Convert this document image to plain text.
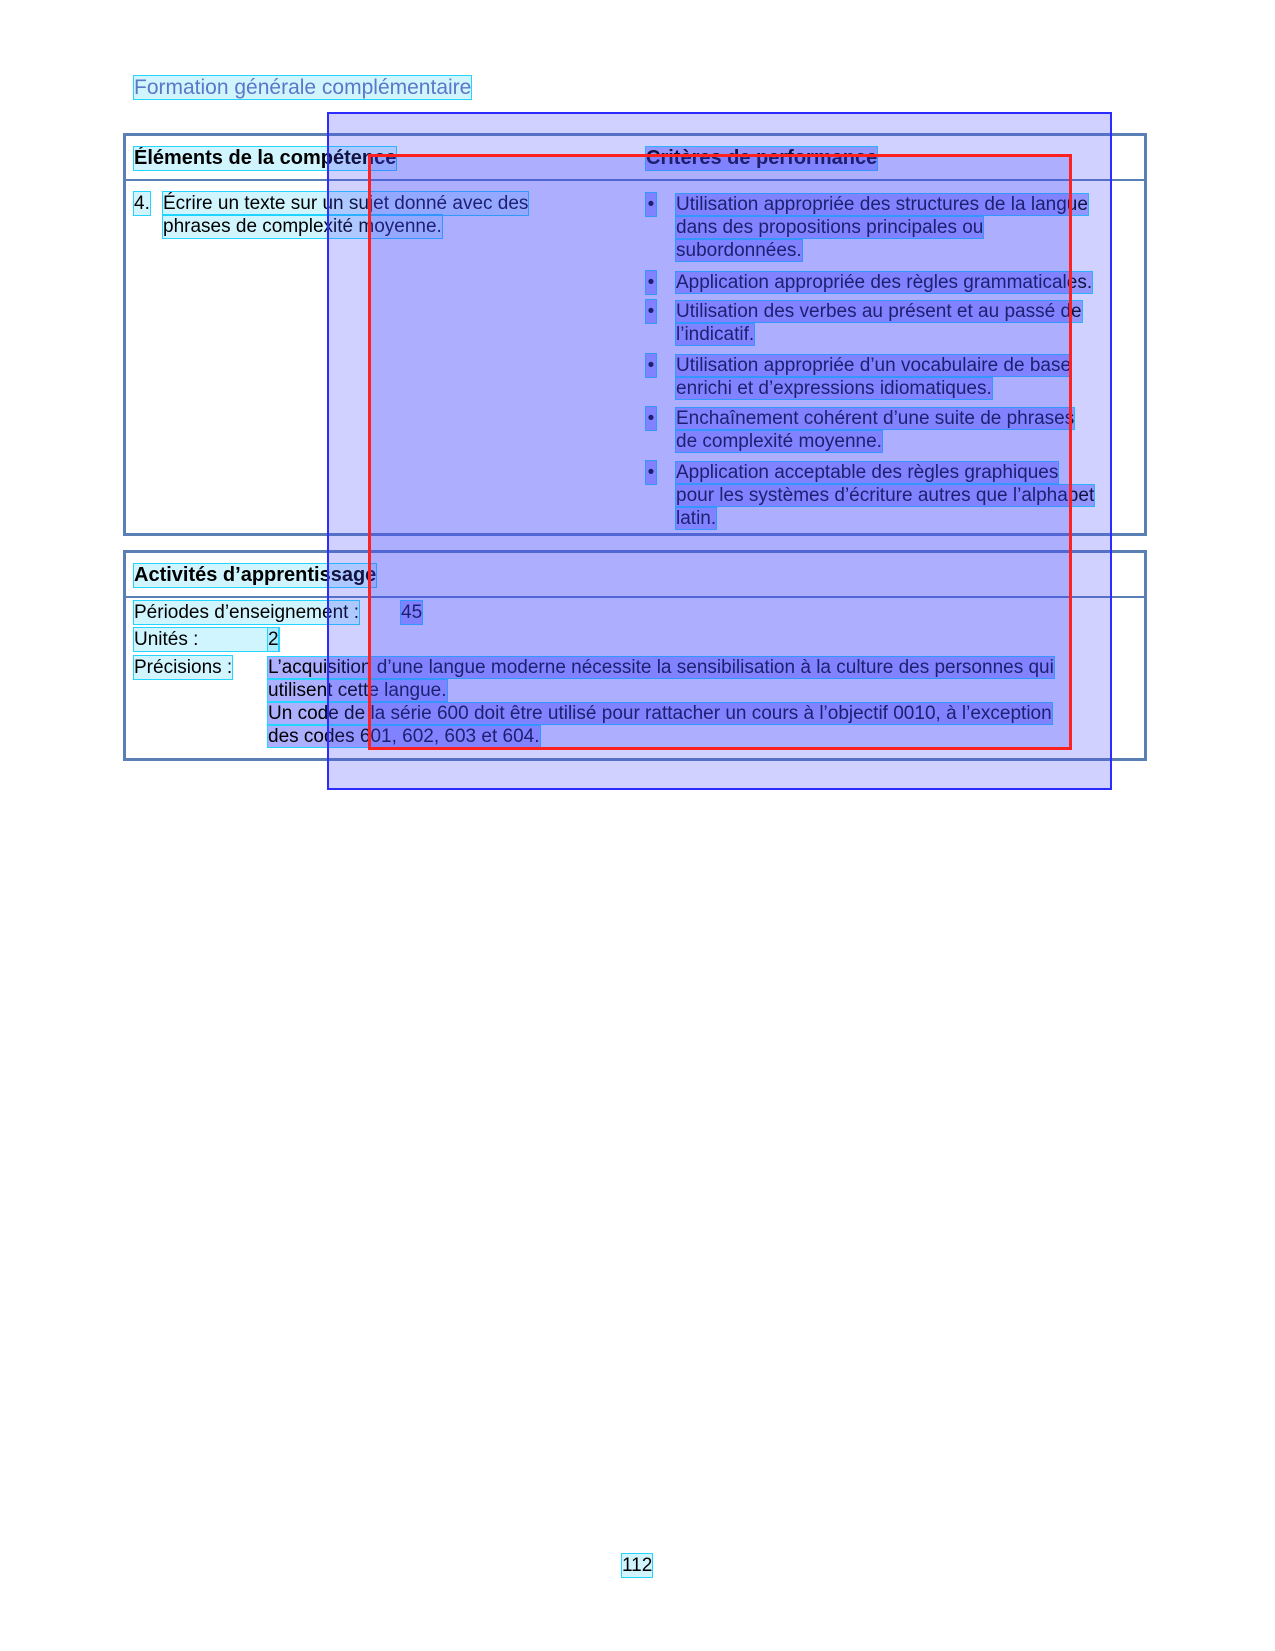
Formation générale complémentaire
Éléments de la compétence	Critères de performance
4. Écrire un texte sur un sujet donné avec des
phrases de complexité moyenne.
• Utilisation appropriée des structures de la langue
dans des propositions principales ou
subordonnées.
• Application appropriée des règles grammaticales.
• Utilisation des verbes au présent et au passé de
l’indicatif.
• Utilisation appropriée d’un vocabulaire de base
enrichi et d’expressions idiomatiques.
• Enchaînement cohérent d’une suite de phrases
de complexité moyenne.
• Application acceptable des règles graphiques
pour les systèmes d’écriture autres que l’alphabet
latin.
Activités d’apprentissage
Périodes d’enseignement : 45
Unités :	2
Précisions : L’acquisition d’une langue moderne nécessite la sensibilisation à la culture des personnes qui
utilisent cette langue.
Un code de la série 600 doit être utilisé pour rattacher un cours à l’objectif 0010, à l’exception
des codes 601, 602, 603 et 604.
112
